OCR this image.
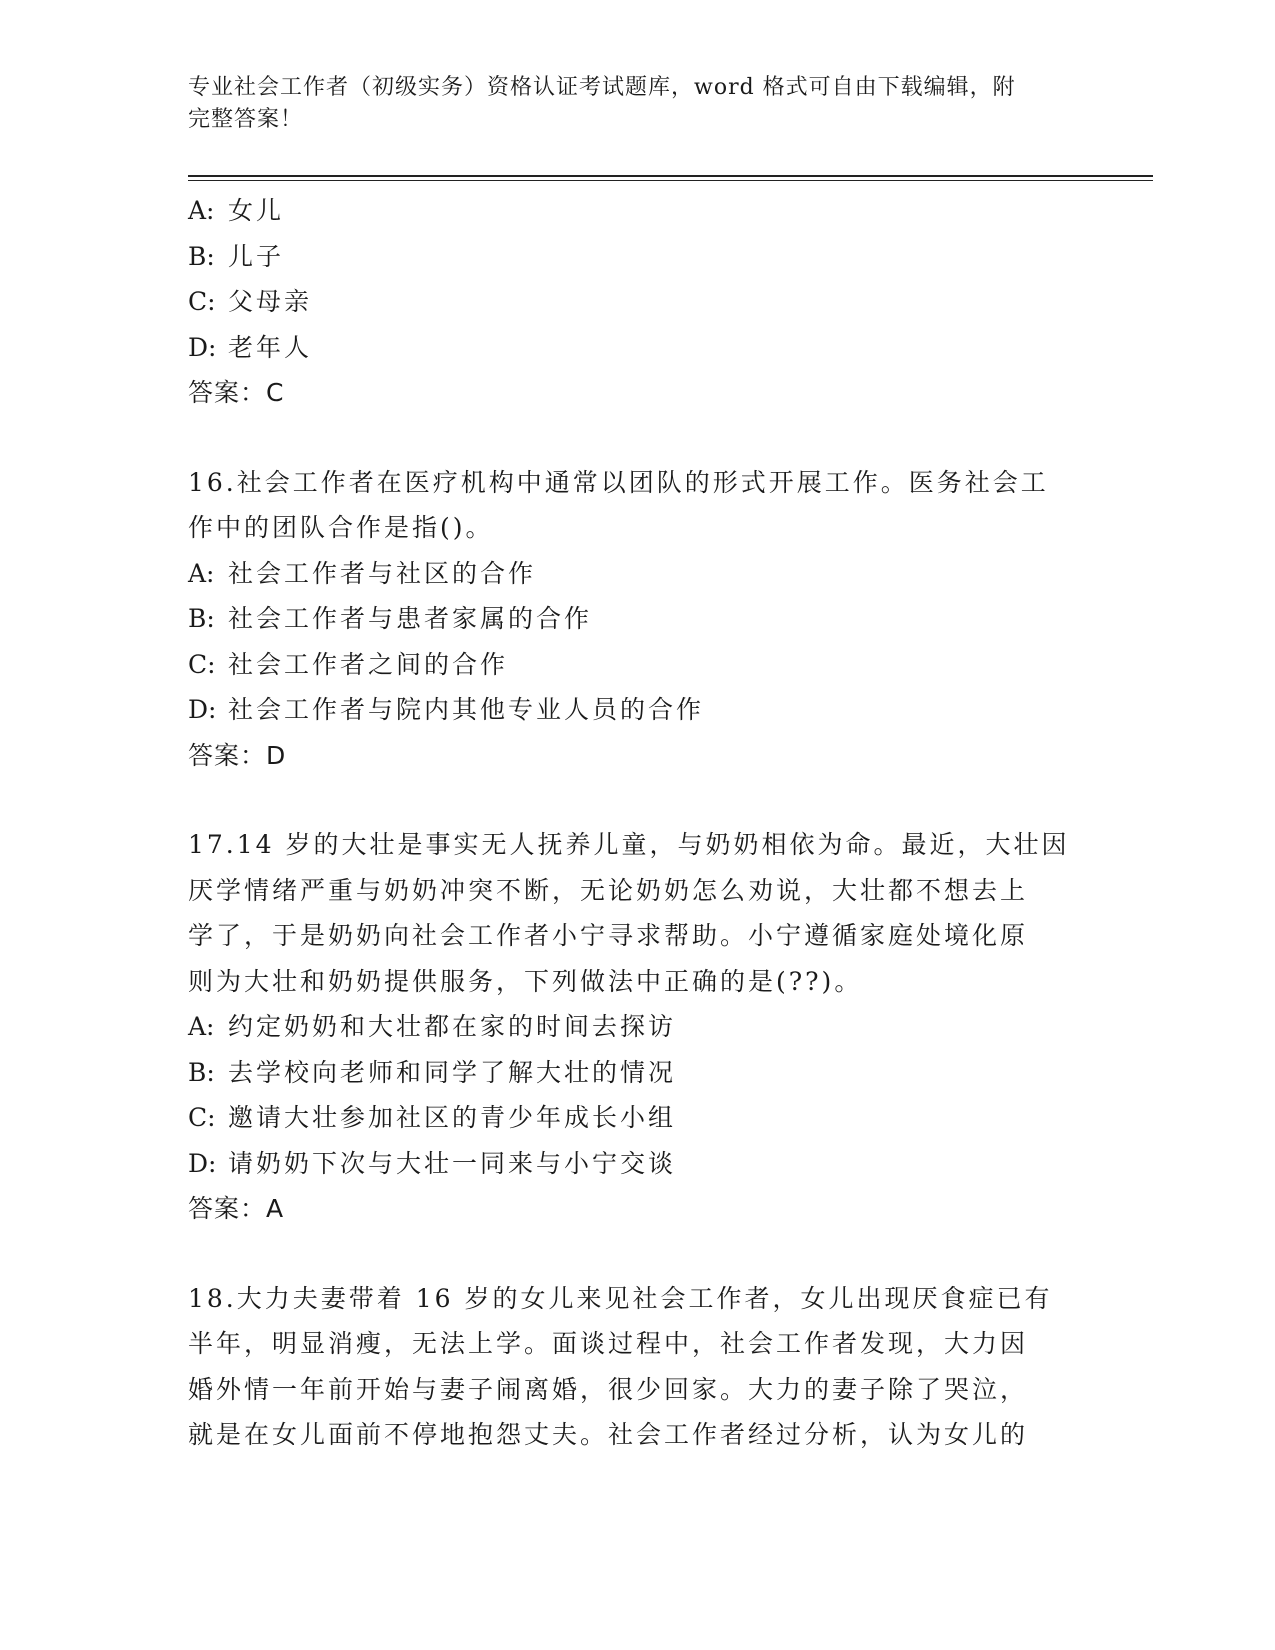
专业社会工作者（初级实务）资格认证考试题库，word 格式可自由下载编辑，附
完整答案！

A: 女儿

B: 儿子

C: 父母亲

D: 老年人

答案：C

16.社会工作者在医疗机构中通常以团队的形式开展工作。医务社会工

作中的团队合作是指()。

A: 社会工作者与社区的合作

B: 社会工作者与患者家属的合作

C: 社会工作者之间的合作

D: 社会工作者与院内其他专业人员的合作

答案：D

17.14 岁的大壮是事实无人抚养儿童，与奶奶相依为命。最近，大壮因

厌学情绪严重与奶奶冲突不断，无论奶奶怎么劝说，大壮都不想去上

学了，于是奶奶向社会工作者小宁寻求帮助。小宁遵循家庭处境化原

则为大壮和奶奶提供服务，下列做法中正确的是(??)。

A: 约定奶奶和大壮都在家的时间去探访

B: 去学校向老师和同学了解大壮的情况

C: 邀请大壮参加社区的青少年成长小组

D: 请奶奶下次与大壮一同来与小宁交谈

答案：A

18.大力夫妻带着 16 岁的女儿来见社会工作者，女儿出现厌食症已有

半年，明显消瘦，无法上学。面谈过程中，社会工作者发现，大力因

婚外情一年前开始与妻子闹离婚，很少回家。大力的妻子除了哭泣，

就是在女儿面前不停地抱怨丈夫。社会工作者经过分析，认为女儿的
